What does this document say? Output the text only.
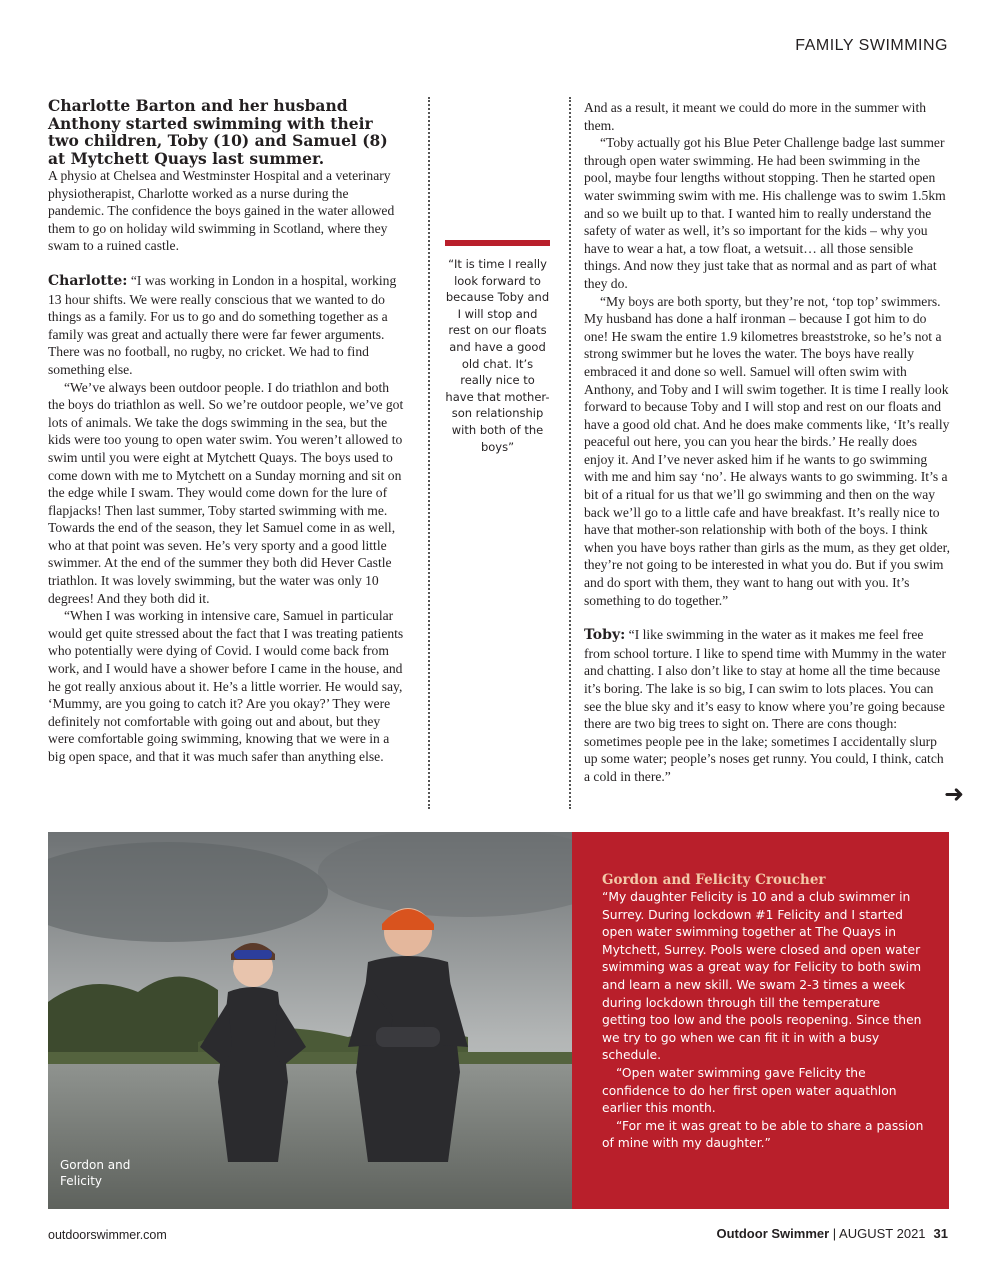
FAMILY SWIMMING
Charlotte Barton and her husband Anthony started swimming with their two children, Toby (10) and Samuel (8) at Mytchett Quays last summer.

A physio at Chelsea and Westminster Hospital and a veterinary physiotherapist, Charlotte worked as a nurse during the pandemic. The confidence the boys gained in the water allowed them to go on holiday wild swimming in Scotland, where they swam to a ruined castle.

Charlotte: “I was working in London in a hospital, working 13 hour shifts. We were really conscious that we wanted to do things as a family. For us to go and do something together as a family was great and actually there were far fewer arguments. There was no football, no rugby, no cricket. We had to find something else.

“We’ve always been outdoor people. I do triathlon and both the boys do triathlon as well. So we’re outdoor people, we’ve got lots of animals. We take the dogs swimming in the sea, but the kids were too young to open water swim. You weren’t allowed to swim until you were eight at Mytchett Quays. The boys used to come down with me to Mytchett on a Sunday morning and sit on the edge while I swam. They would come down for the lure of flapjacks! Then last summer, Toby started swimming with me. Towards the end of the season, they let Samuel come in as well, who at that point was seven. He’s very sporty and a good little swimmer. At the end of the summer they both did Hever Castle triathlon. It was lovely swimming, but the water was only 10 degrees! And they both did it.

“When I was working in intensive care, Samuel in particular would get quite stressed about the fact that I was treating patients who potentially were dying of Covid. I would come back from work, and I would have a shower before I came in the house, and he got really anxious about it. He’s a little worrier. He would say, ‘Mummy, are you going to catch it? Are you okay?’ They were definitely not comfortable with going out and about, but they were comfortable going swimming, knowing that we were in a big open space, and that it was much safer than anything else.

“It is time I really look forward to because Toby and I will stop and rest on our floats and have a good old chat. It’s really nice to have that mother-son relationship with both of the boys”

And as a result, it meant we could do more in the summer with them.

“Toby actually got his Blue Peter Challenge badge last summer through open water swimming. He had been swimming in the pool, maybe four lengths without stopping. Then he started open water swimming swim with me. His challenge was to swim 1.5km and so we built up to that. I wanted him to really understand the safety of water as well, it’s so important for the kids – why you have to wear a hat, a tow float, a wetsuit… all those sensible things. And now they just take that as normal and as part of what they do.

“My boys are both sporty, but they’re not, ‘top top’ swimmers. My husband has done a half ironman – because I got him to do one! He swam the entire 1.9 kilometres breaststroke, so he’s not a strong swimmer but he loves the water. The boys have really embraced it and done so well. Samuel will often swim with Anthony, and Toby and I will swim together. It is time I really look forward to because Toby and I will stop and rest on our floats and have a good old chat. And he does make comments like, ‘It’s really peaceful out here, you can you hear the birds.’ He really does enjoy it. And I’ve never asked him if he wants to go swimming with me and him say ‘no’. He always wants to go swimming. It’s a bit of a ritual for us that we’ll go swimming and then on the way back we’ll go to a little cafe and have breakfast. It’s really nice to have that mother-son relationship with both of the boys. I think when you have boys rather than girls as the mum, as they get older, they’re not going to be interested in what you do. But if you swim and do sport with them, they want to hang out with you. It’s something to do together.”

Toby: “I like swimming in the water as it makes me feel free from school torture. I like to spend time with Mummy in the water and chatting. I also don’t like to stay at home all the time because it’s boring. The lake is so big, I can swim to lots places. You can see the blue sky and it’s easy to know where you’re going because there are two big trees to sight on. There are cons though: sometimes people pee in the lake; sometimes I accidentally slurp up some water; people’s noses get runny. You could, I think, catch a cold in there.”

➜
Gordon and
Felicity
Gordon and Felicity Croucher

“My daughter Felicity is 10 and a club swimmer in Surrey. During lockdown #1 Felicity and I started open water swimming together at The Quays in Mytchett, Surrey. Pools were closed and open water swimming was a great way for Felicity to both swim and learn a new skill. We swam 2-3 times a week during lockdown through till the temperature getting too low and the pools reopening. Since then we try to go when we can fit it in with a busy schedule.

“Open water swimming gave Felicity the confidence to do her first open water aquathlon earlier this month.

“For me it was great to be able to share a passion of mine with my daughter.”

outdoorswimmer.com	Outdoor Swimmer | AUGUST 2021 31
